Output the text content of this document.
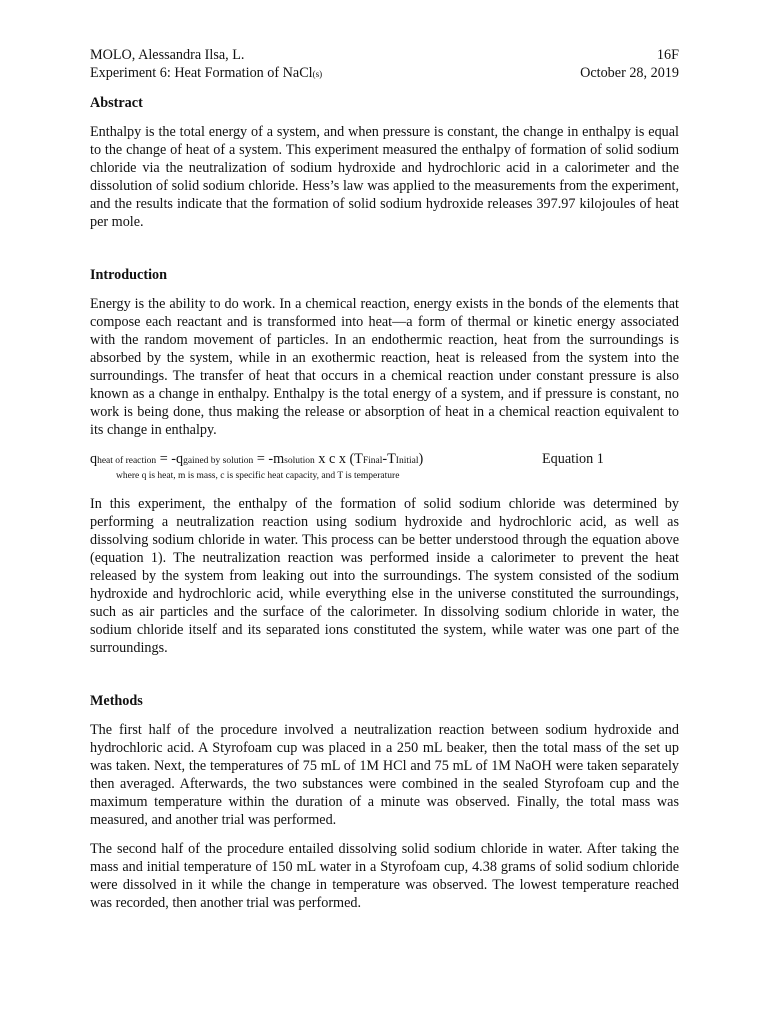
MOLO, Alessandra Ilsa, L.	16F
Experiment 6: Heat Formation of NaCl(s)	October 28, 2019
Abstract

Enthalpy is the total energy of a system, and when pressure is constant, the change in enthalpy is equal to the change of heat of a system. This experiment measured the enthalpy of formation of solid sodium chloride via the neutralization of sodium hydroxide and hydrochloric acid in a calorimeter and the dissolution of solid sodium chloride. Hess’s law was applied to the measurements from the experiment, and the results indicate that the formation of solid sodium hydroxide releases 397.97 kilojoules of heat per mole.

Introduction

Energy is the ability to do work. In a chemical reaction, energy exists in the bonds of the elements that compose each reactant and is transformed into heat—a form of thermal or kinetic energy associated with the random movement of particles. In an endothermic reaction, heat from the surroundings is absorbed by the system, while in an exothermic reaction, heat is released from the system into the surroundings. The transfer of heat that occurs in a chemical reaction under constant pressure is also known as a change in enthalpy. Enthalpy is the total energy of a system, and if pressure is constant, no work is being done, thus making the release or absorption of heat in a chemical reaction equivalent to its change in enthalpy.

qheat of reaction = -qgained by solution = -msolution x c x (TFinal-TInitial)	Equation 1
where q is heat, m is mass, c is specific heat capacity, and T is temperature

In this experiment, the enthalpy of the formation of solid sodium chloride was determined by performing a neutralization reaction using sodium hydroxide and hydrochloric acid, as well as dissolving sodium chloride in water. This process can be better understood through the equation above (equation 1). The neutralization reaction was performed inside a calorimeter to prevent the heat released by the system from leaking out into the surroundings. The system consisted of the sodium hydroxide and hydrochloric acid, while everything else in the universe constituted the surroundings, such as air particles and the surface of the calorimeter. In dissolving sodium chloride in water, the sodium chloride itself and its separated ions constituted the system, while water was one part of the surroundings.

Methods

The first half of the procedure involved a neutralization reaction between sodium hydroxide and hydrochloric acid. A Styrofoam cup was placed in a 250 mL beaker, then the total mass of the set up was taken. Next, the temperatures of 75 mL of 1M HCl and 75 mL of 1M NaOH were taken separately then averaged. Afterwards, the two substances were combined in the sealed Styrofoam cup and the maximum temperature within the duration of a minute was observed. Finally, the total mass was measured, and another trial was performed.

The second half of the procedure entailed dissolving solid sodium chloride in water. After taking the mass and initial temperature of 150 mL water in a Styrofoam cup, 4.38 grams of solid sodium chloride were dissolved in it while the change in temperature was observed. The lowest temperature reached was recorded, then another trial was performed.
